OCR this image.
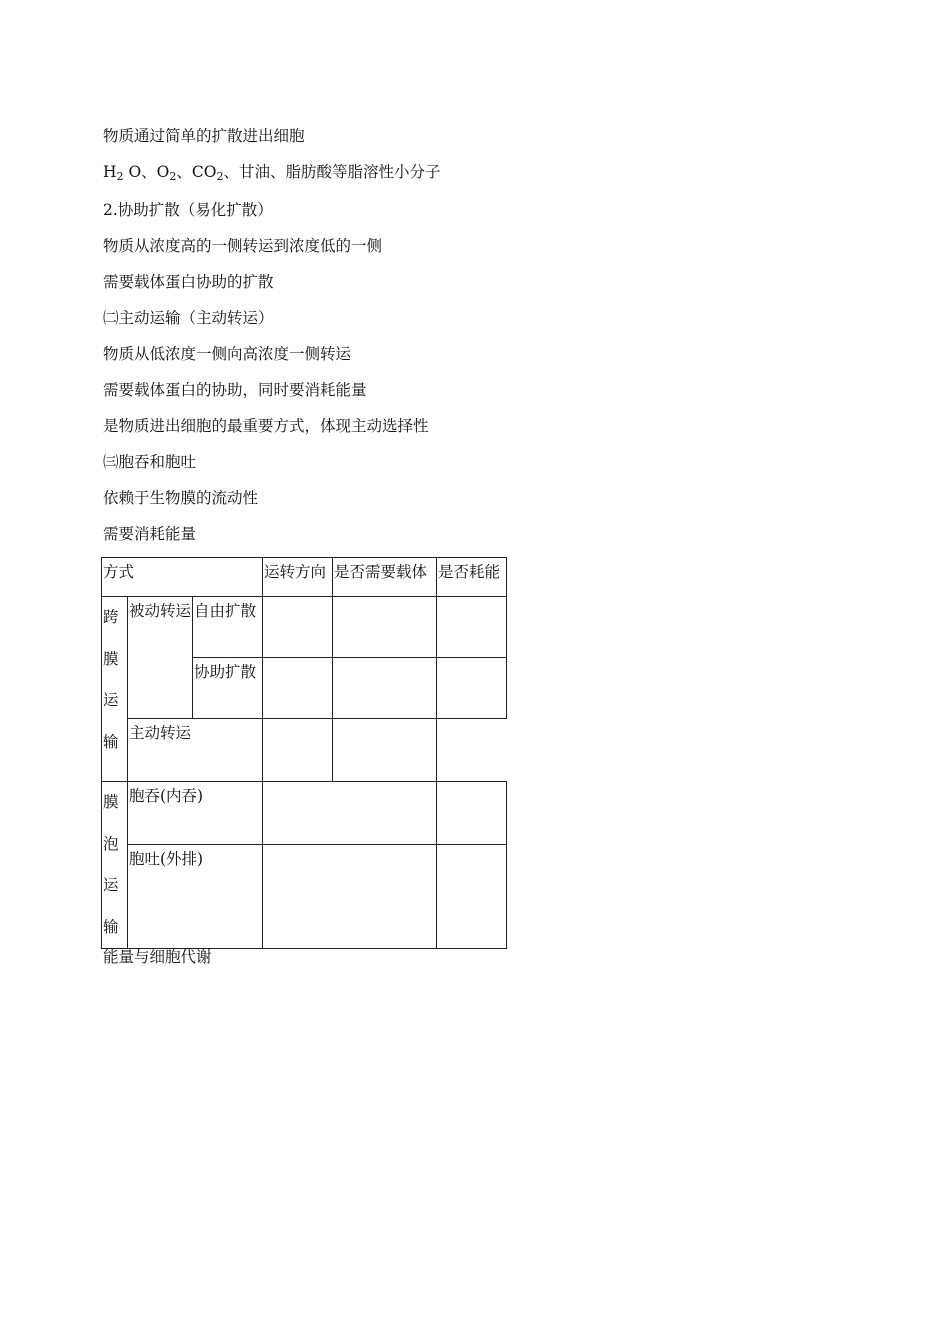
物质通过简单的扩散进出细胞
$H_2$ O、$O_2$、$CO_2$、甘油、脂肪酸等脂溶性小分子
2.协助扩散（易化扩散）
物质从浓度高的一侧转运到浓度低的一侧
需要载体蛋白协助的扩散
㈡主动运输（主动转运）
物质从低浓度一侧向高浓度一侧转运
需要载体蛋白的协助，同时要消耗能量
是物质进出细胞的最重要方式，体现主动选择性
㈢胞吞和胞吐
依赖于生物膜的流动性
需要消耗能量
方式			运转方向	是否需要载体	是否耗能
跨膜运输	被动转运	自由扩散			
		协助扩散			
	主动转运				
膜泡运输	胞吞(内吞)				
	胞吐(外排)				
能量与细胞代谢
